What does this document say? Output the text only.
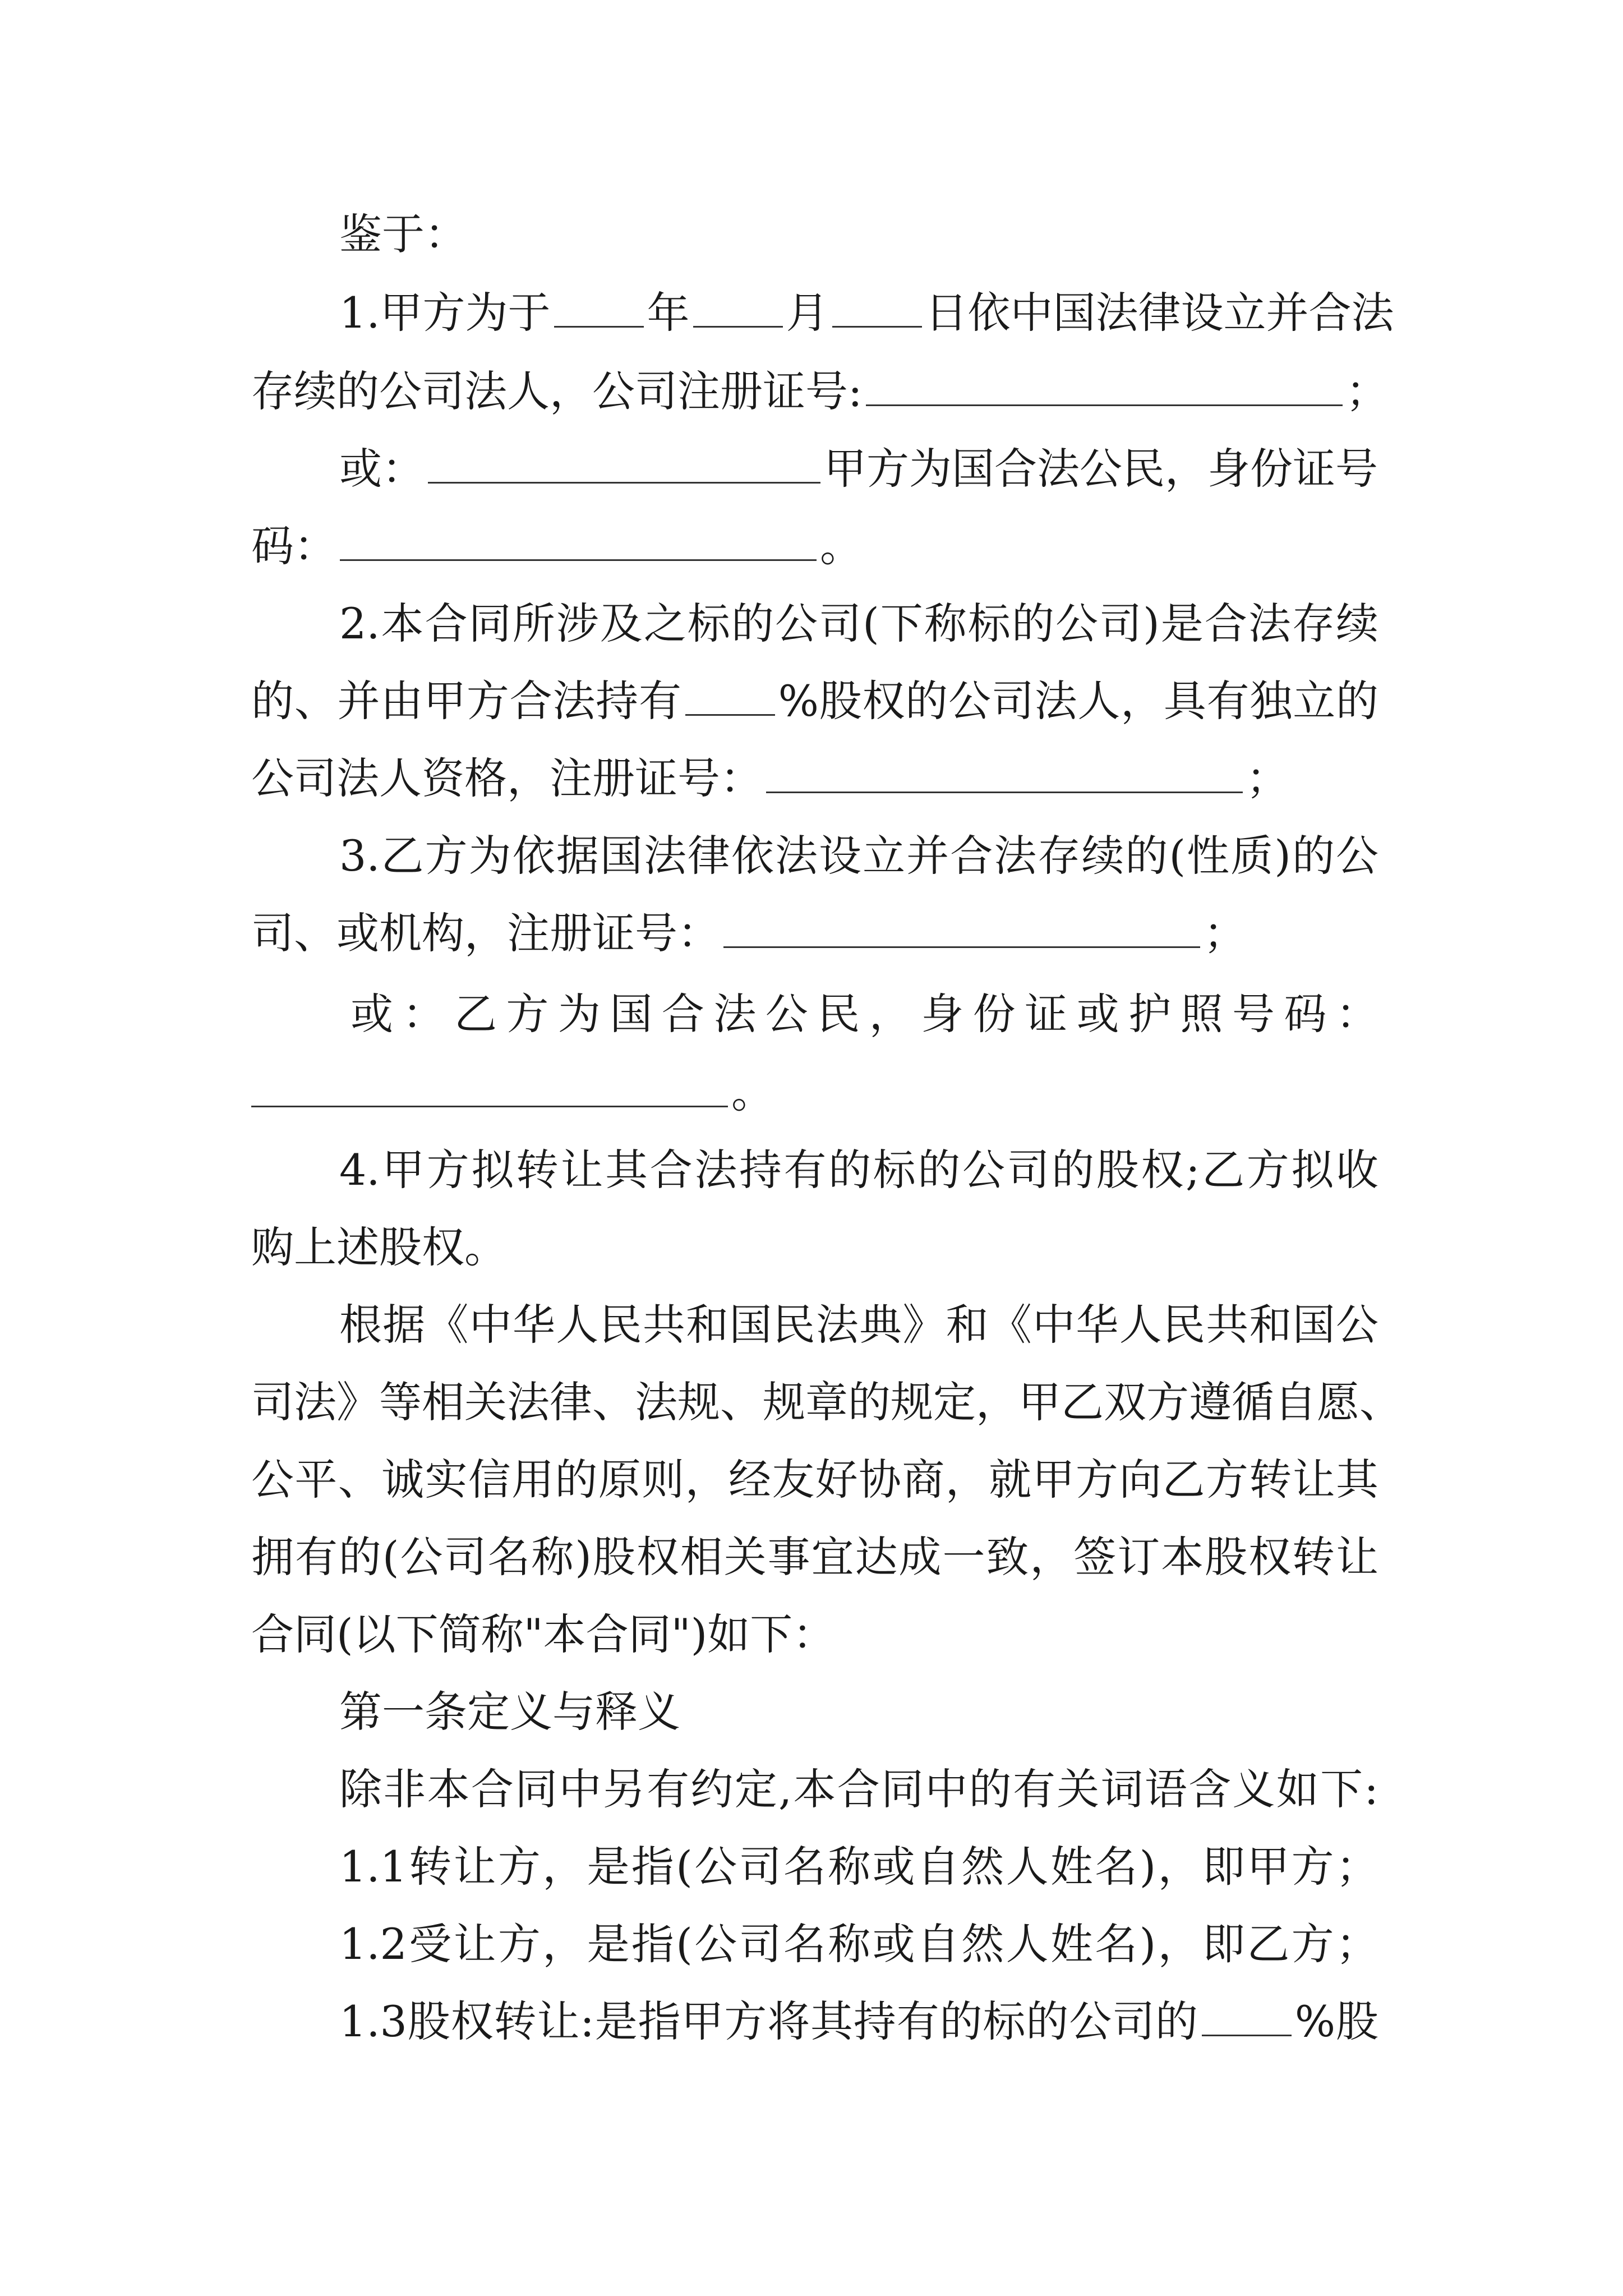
鉴于：
1.甲方为于 年 月 日依中国法律设立并合法
存续的公司法人，公司注册证号:	；
或：	甲方为国合法公民，身份证号
码：	。
2.本合同所涉及之标的公司(下称标的公司)是合法存续
的、并由甲方合法持有 %股权的公司法人，具有独立的
公司法人资格，注册证号：	；
3.乙方为依据国法律依法设立并合法存续的(性质)的公
司、或机构，注册证号：	；
或：乙方为国合法公民，身份证或护照号码：
。
4.甲方拟转让其合法持有的标的公司的股权;乙方拟收
购上述股权。
根据《中华人民共和国民法典》和《中华人民共和国公
司法》等相关法律、法规、规章的规定，甲乙双方遵循自愿、
公平、诚实信用的原则，经友好协商，就甲方向乙方转让其
拥有的(公司名称)股权相关事宜达成一致，签订本股权转让
合同(以下简称"本合同")如下：
第一条定义与释义
除非本合同中另有约定,本合同中的有关词语含义如下:
1.1转让方，是指(公司名称或自然人姓名)，即甲方；
1.2受让方，是指(公司名称或自然人姓名)，即乙方；
1.3股权转让:是指甲方将其持有的标的公司的 %股
